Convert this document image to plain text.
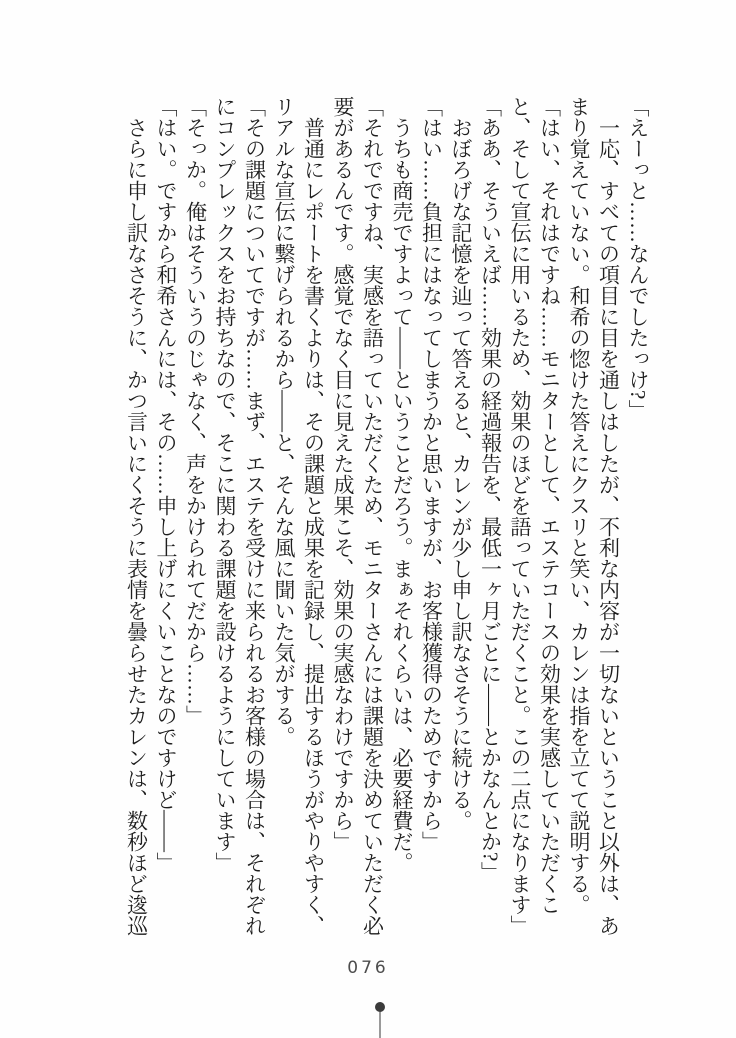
「えーっと……なんでしたっけ?」

一応、すべての項目に目を通しはしたが、不利な内容が一切ないということ以外は、あまり覚えていない。和希の惚けた答えにクスリと笑い、カレンは指を立てて説明する。

「はい、それはですね……モニターとして、エステコースの効果を実感していただくこと、そして宣伝に用いるため、効果のほどを語っていただくこと。この二点になります」

「ああ、そういえば……効果の経過報告を、最低一ヶ月ごとに――とかなんとか?」

おぼろげな記憶を辿って答えると、カレンが少し申し訳なさそうに続ける。

「はい……負担にはなってしまうかと思いますが、お客様獲得のためですから」

うちも商売ですよって――ということだろう。まぁそれくらいは、必要経費だ。

「それでですね、実感を語っていただくため、モニターさんには課題を決めていただく必要があるんです。感覚でなく目に見えた成果こそ、効果の実感なわけですから」

普通にレポートを書くよりは、その課題と成果を記録し、提出するほうがやりやすく、リアルな宣伝に繋げられるから――と、そんな風に聞いた気がする。

「その課題についてですが……まず、エステを受けに来られるお客様の場合は、それぞれにコンプレックスをお持ちなので、そこに関わる課題を設けるようにしています」

「そっか。俺はそういうのじゃなく、声をかけられてだから……」

「はい。ですから和希さんには、その……申し上げにくいことなのですけど――」

さらに申し訳なさそうに、かつ言いにくそうに表情を曇らせたカレンは、数秒ほど逡巡

076
